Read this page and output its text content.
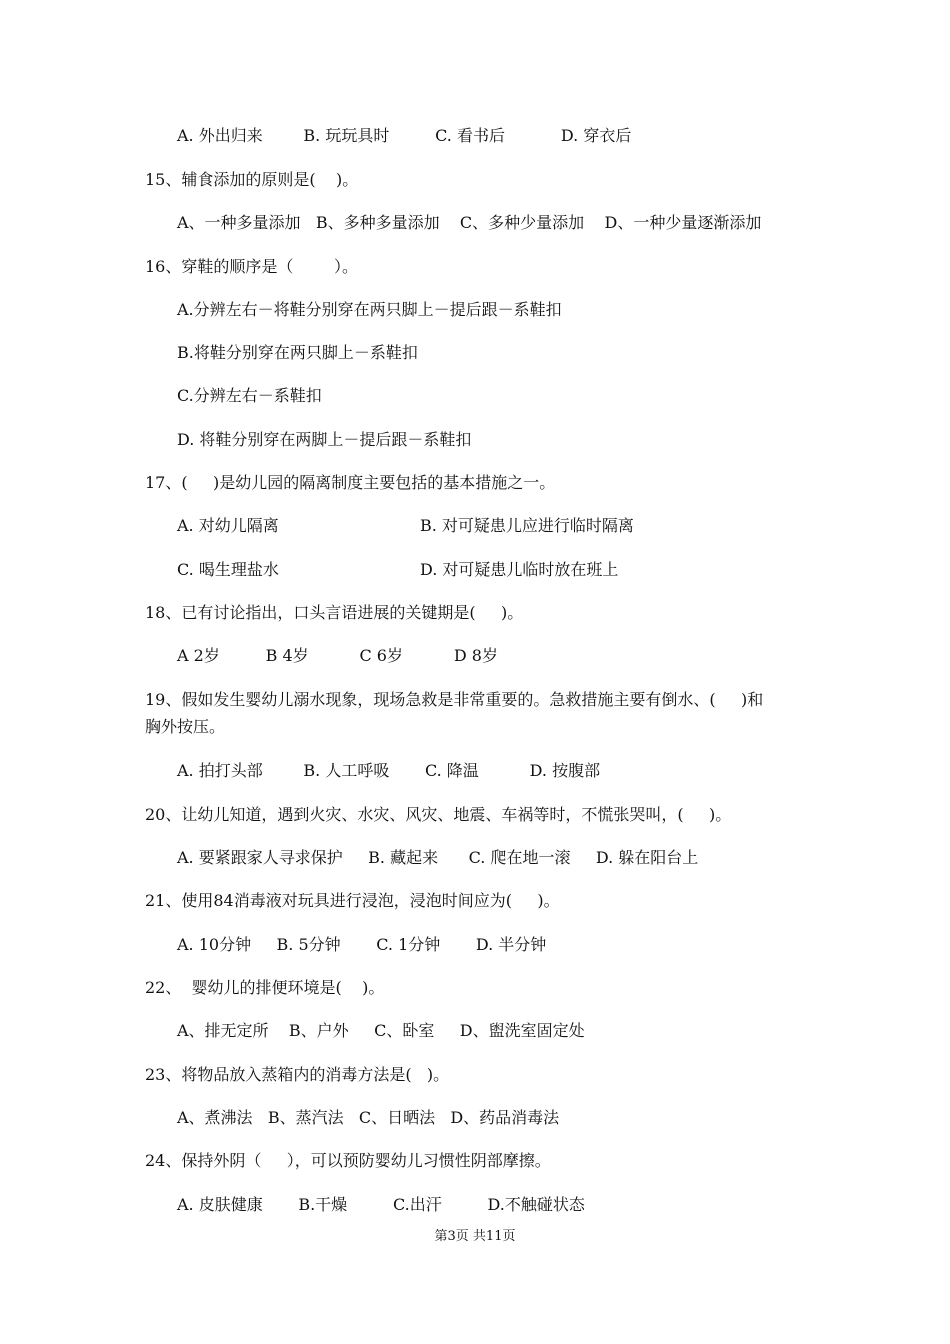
A. 外出归来        B. 玩玩具时         C. 看书后           D. 穿衣后
15、辅食添加的原则是(    )。
A、一种多量添加   B、多种多量添加    C、多种少量添加    D、一种少量逐渐添加
16、穿鞋的顺序是（        ）。
A.分辨左右－将鞋分别穿在两只脚上－提后跟－系鞋扣
B.将鞋分别穿在两只脚上－系鞋扣
C.分辨左右－系鞋扣
D. 将鞋分别穿在两脚上－提后跟－系鞋扣
17、(     )是幼儿园的隔离制度主要包括的基本措施之一。
A. 对幼儿隔离	B. 对可疑患儿应进行临时隔离
C. 喝生理盐水	D. 对可疑患儿临时放在班上
18、已有讨论指出，口头言语进展的关键期是(     )。
A 2岁         B 4岁          C 6岁          D 8岁
19、假如发生婴幼儿溺水现象，现场急救是非常重要的。急救措施主要有倒水、(     )和
胸外按压。
A. 拍打头部        B. 人工呼吸       C. 降温          D. 按腹部
20、让幼儿知道，遇到火灾、水灾、风灾、地震、车祸等时，不慌张哭叫，(     )。
A. 要紧跟家人寻求保护     B. 藏起来      C. 爬在地一滚     D. 躲在阳台上
21、使用84消毒液对玩具进行浸泡，浸泡时间应为(     )。
A. 10分钟     B. 5分钟       C. 1分钟       D. 半分钟
22、  婴幼儿的排便环境是(    )。
A、排无定所    B、户外     C、卧室     D、盥洗室固定处
23、将物品放入蒸箱内的消毒方法是(   )。
A、煮沸法   B、蒸汽法   C、日晒法   D、药品消毒法
24、保持外阴（     ），可以预防婴幼儿习惯性阴部摩擦。
A. 皮肤健康       B.干燥         C.出汗         D.不触碰状态
第3页 共11页
